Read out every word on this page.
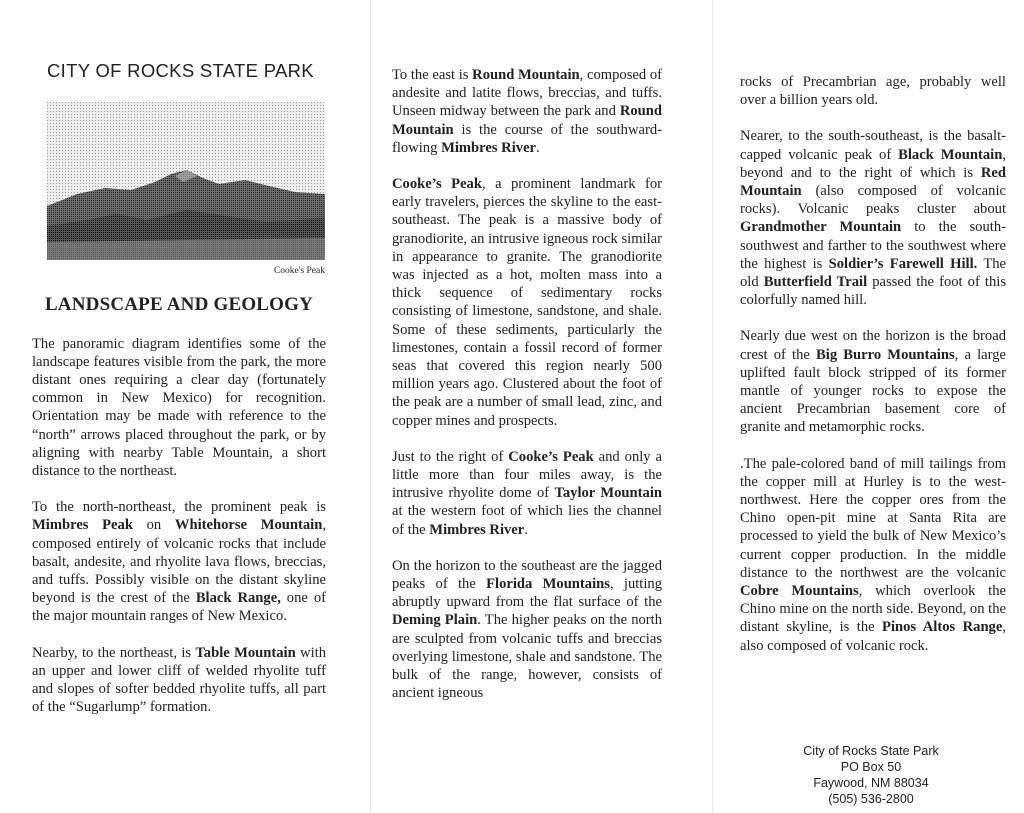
CITY OF ROCKS STATE PARK
Cooke's Peak
LANDSCAPE AND GEOLOGY

The panoramic diagram identifies some of the landscape features visible from the park, the more distant ones requiring a clear day (fortunately common in New Mexico) for recognition. Orientation may be made with reference to the “north” arrows placed throughout the park, or by aligning with nearby Table Mountain, a short distance to the northeast.

To the north-northeast, the prominent peak is Mimbres Peak on Whitehorse Mountain, composed entirely of volcanic rocks that include basalt, andesite, and rhyolite lava flows, breccias, and tuffs. Possibly visible on the distant skyline beyond is the crest of the Black Range, one of the major mountain ranges of New Mexico.

Nearby, to the northeast, is Table Mountain with an upper and lower cliff of welded rhyolite tuff and slopes of softer bedded rhyolite tuffs, all part of the “Sugarlump” formation.

To the east is Round Mountain, composed of andesite and latite flows, breccias, and tuffs. Unseen midway between the park and Round Mountain is the course of the southward-flowing Mimbres River.

Cooke’s Peak, a prominent landmark for early travelers, pierces the skyline to the east-southeast. The peak is a massive body of granodiorite, an intrusive igneous rock similar in appearance to granite. The granodiorite was injected as a hot, molten mass into a thick sequence of sedimentary rocks consisting of limestone, sandstone, and shale. Some of these sediments, particularly the limestones, contain a fossil record of former seas that covered this region nearly 500 million years ago. Clustered about the foot of the peak are a number of small lead, zinc, and copper mines and prospects.

Just to the right of Cooke’s Peak and only a little more than four miles away, is the intrusive rhyolite dome of Taylor Mountain at the western foot of which lies the channel of the Mimbres River.

On the horizon to the southeast are the jagged peaks of the Florida Mountains, jutting abruptly upward from the flat surface of the Deming Plain. The higher peaks on the north are sculpted from volcanic tuffs and breccias overlying limestone, shale and sandstone. The bulk of the range, however, consists of ancient igneous

rocks of Precambrian age, probably well over a billion years old.

Nearer, to the south-southeast, is the basalt-capped volcanic peak of Black Mountain, beyond and to the right of which is Red Mountain (also composed of volcanic rocks). Volcanic peaks cluster about Grandmother Mountain to the south-southwest and farther to the southwest where the highest is Soldier’s Farewell Hill. The old Butterfield Trail passed the foot of this colorfully named hill.

Nearly due west on the horizon is the broad crest of the Big Burro Mountains, a large uplifted fault block stripped of its former mantle of younger rocks to expose the ancient Precambrian basement core of granite and metamorphic rocks.

.The pale-colored band of mill tailings from the copper mill at Hurley is to the west-northwest. Here the copper ores from the Chino open-pit mine at Santa Rita are processed to yield the bulk of New Mexico’s current copper production. In the middle distance to the northwest are the volcanic Cobre Mountains, which overlook the Chino mine on the north side. Beyond, on the distant skyline, is the Pinos Altos Range, also composed of volcanic rock.

City of Rocks State Park
PO Box 50
Faywood, NM 88034
(505) 536-2800
